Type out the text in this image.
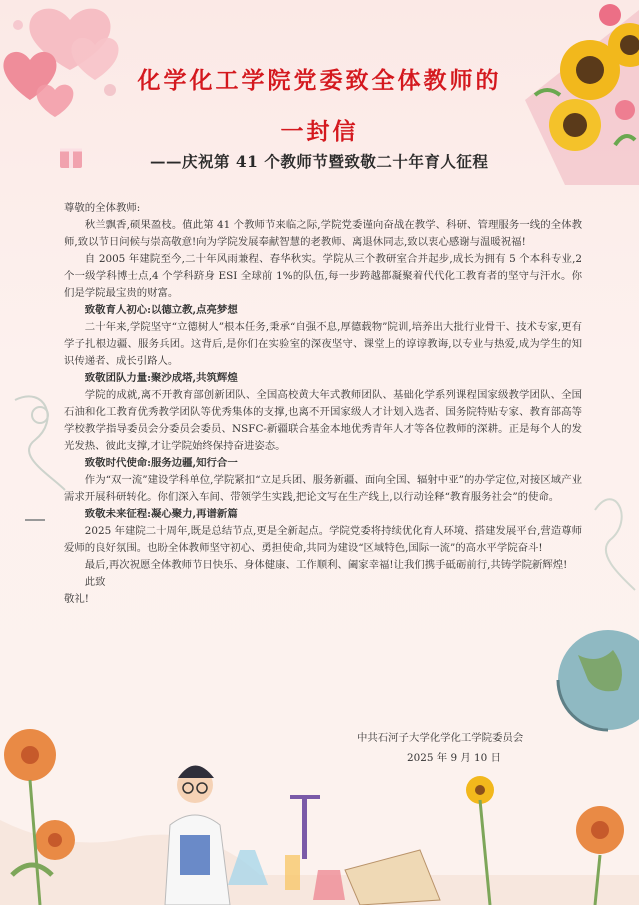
化学化工学院党委致全体教师的
一封信
——庆祝第 41 个教师节暨致敬二十年育人征程

尊敬的全体教师:

秋兰飘香,硕果盈枝。值此第 41 个教师节来临之际,学院党委谨向奋战在教学、科研、管理服务一线的全体教师,致以节日问候与崇高敬意!向为学院发展奉献智慧的老教师、离退休同志,致以衷心感谢与温暖祝福!

自 2005 年建院至今,二十年风雨兼程、春华秋实。学院从三个教研室合并起步,成长为拥有 5 个本科专业,2 个一级学科博士点,4 个学科跻身 ESI 全球前 1%的队伍,每一步跨越都凝聚着代代化工教育者的坚守与汗水。你们是学院最宝贵的财富。

致敬育人初心:以德立教,点亮梦想

二十年来,学院坚守“立德树人”根本任务,秉承“自强不息,厚德载物”院训,培养出大批行业骨干、技术专家,更有学子扎根边疆、服务兵团。这背后,是你们在实验室的深夜坚守、课堂上的谆谆教诲,以专业与热爱,成为学生的知识传递者、成长引路人。

致敬团队力量:聚沙成塔,共筑辉煌

学院的成就,离不开教育部创新团队、全国高校黄大年式教师团队、基础化学系列课程国家级教学团队、全国石油和化工教育优秀教学团队等优秀集体的支撑,也离不开国家级人才计划入选者、国务院特贴专家、教育部高等学校教学指导委员会分委员会委员、NSFC-新疆联合基金本地优秀青年人才等各位教师的深耕。正是每个人的发光发热、彼此支撑,才让学院始终保持奋进姿态。

致敬时代使命:服务边疆,知行合一

作为“双一流”建设学科单位,学院紧扣“立足兵团、服务新疆、面向全国、辐射中亚”的办学定位,对接区域产业需求开展科研转化。你们深入车间、带领学生实践,把论文写在生产线上,以行动诠释“教育服务社会”的使命。

致敬未来征程:凝心聚力,再谱新篇

2025 年建院二十周年,既是总结节点,更是全新起点。学院党委将持续优化育人环境、搭建发展平台,营造尊师爱师的良好氛围。也盼全体教师坚守初心、勇担使命,共同为建设“区域特色,国际一流”的高水平学院奋斗!

最后,再次祝愿全体教师节日快乐、身体健康、工作顺利、阖家幸福!让我们携手砥砺前行,共铸学院新辉煌!

此致

敬礼!

中共石河子大学化学化工学院委员会
2025 年 9 月 10 日
